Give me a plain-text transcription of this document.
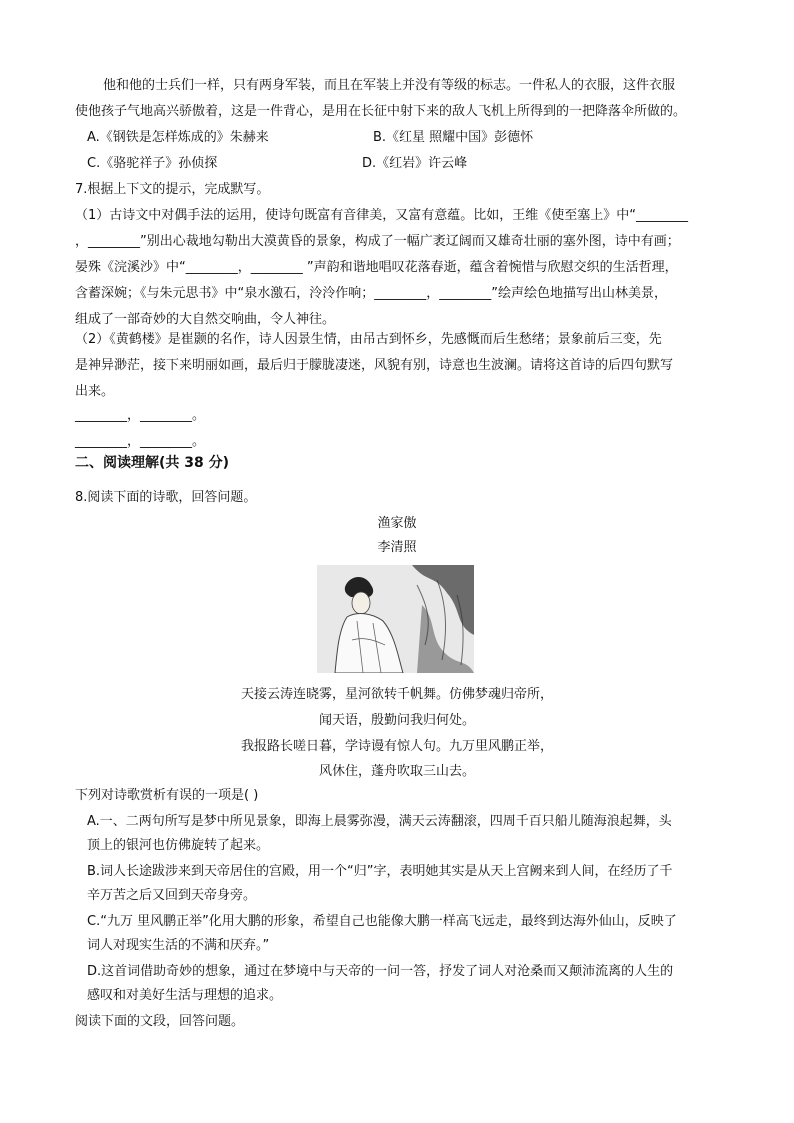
他和他的士兵们一样，只有两身军装，而且在军装上并没有等级的标志。一件私人的衣服，这件衣服
使他孩子气地高兴骄傲着，这是一件背心，是用在长征中射下来的敌人飞机上所得到的一把降落伞所做的。
A.《钢铁是怎样炼成的》朱赫来	B.《红星 照耀中国》彭德怀
C.《骆驼祥子》孙侦探	D.《红岩》许云峰
7.根据上下文的提示，完成默写。
（1）古诗文中对偶手法的运用，使诗句既富有音律美，又富有意蕴。比如，王维《使至塞上》中“________
，________”别出心裁地勾勒出大漠黄昏的景象，构成了一幅广袤辽阔而又雄奇壮丽的塞外图，诗中有画；
晏殊《浣溪沙》中“________，________ ”声韵和谐地唱叹花落春逝，蕴含着惋惜与欣慰交织的生活哲理，
含蓄深婉；《与朱元思书》中“泉水激石，泠泠作响；________，________”绘声绘色地描写出山林美景，
组成了一部奇妙的大自然交响曲，令人神往。
（2）《黄鹤楼》是崔颢的名作，诗人因景生情，由吊古到怀乡，先感慨而后生愁绪；景象前后三变，先
是神异渺茫，接下来明丽如画，最后归于朦胧凄迷，风貌有别，诗意也生波澜。请将这首诗的后四句默写
出来。
________，________。
________，________。
二、阅读理解(共 38 分)
8.阅读下面的诗歌，回答问题。
渔家傲
李清照
天接云涛连晓雾，星河欲转千帆舞。仿佛梦魂归帝所，
闻天语，殷勤问我归何处。
我报路长嗟日暮，学诗谩有惊人句。九万里风鹏正举，
风休住，蓬舟吹取三山去。
下列对诗歌赏析有误的一项是( )
A.一、二两句所写是梦中所见景象，即海上晨雾弥漫，满天云涛翻滚，四周千百只船儿随海浪起舞，头
顶上的银河也仿佛旋转了起来。
B.词人长途跋涉来到天帝居住的宫殿，用一个“归”字，表明她其实是从天上宫阙来到人间，在经历了千
辛万苦之后又回到天帝身旁。
C.“九万 里风鹏正举”化用大鹏的形象，希望自己也能像大鹏一样高飞远走，最终到达海外仙山，反映了
词人对现实生活的不满和厌弃。”
D.这首词借助奇妙的想象，通过在梦境中与天帝的一问一答，抒发了词人对沧桑而又颠沛流离的人生的
感叹和对美好生活与理想的追求。
阅读下面的文段，回答问题。
